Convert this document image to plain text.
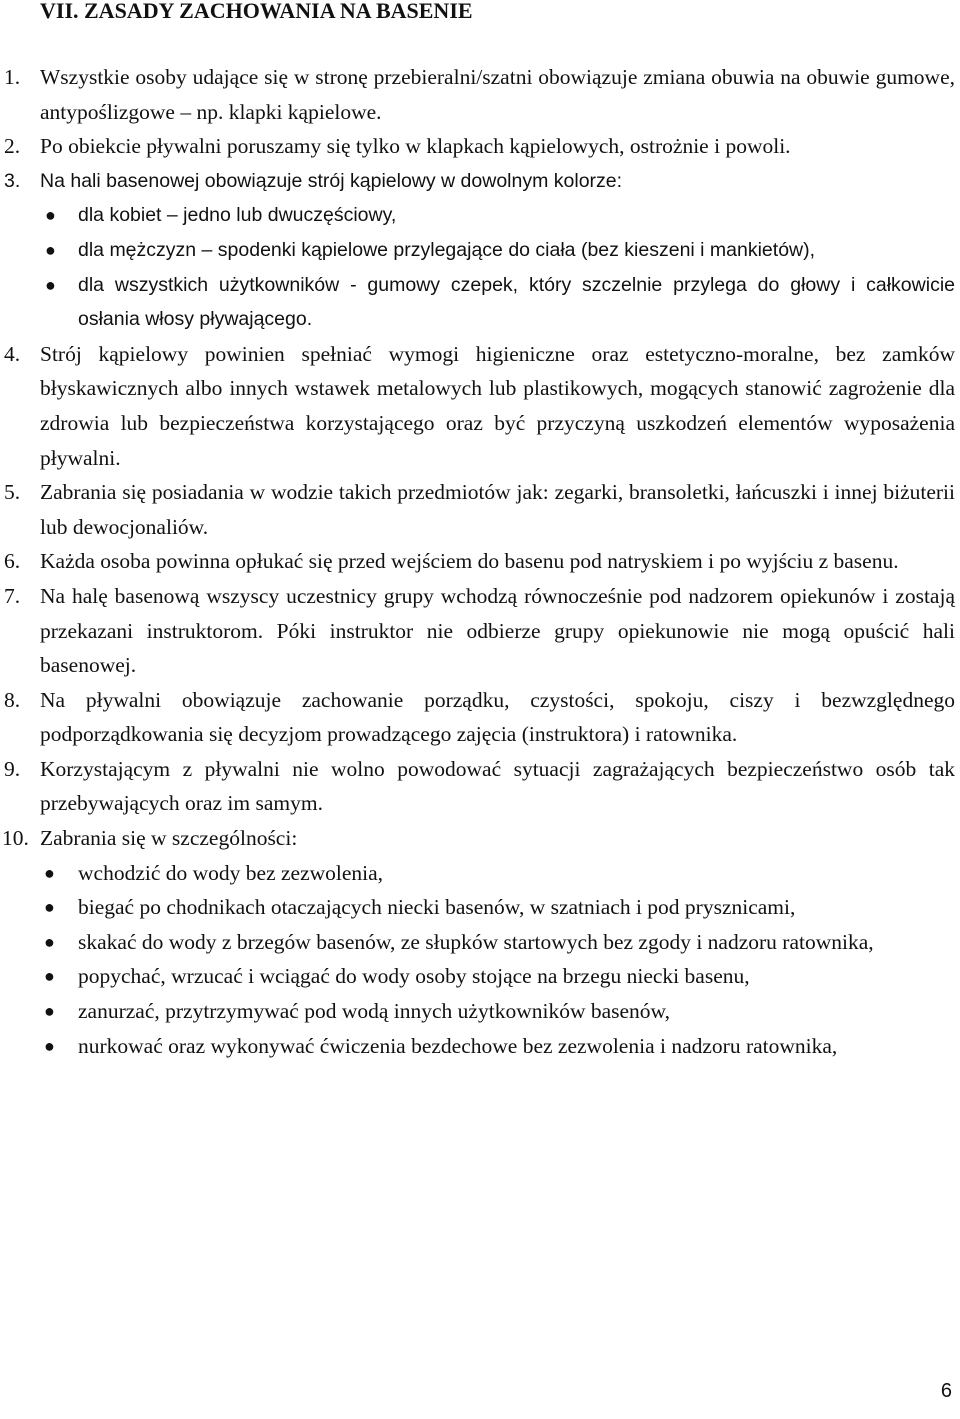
VII. ZASADY ZACHOWANIA NA BASENIE
1. Wszystkie osoby udające się w stronę przebieralni/szatni obowiązuje zmiana obuwia na obuwie gumowe, antypoślizgowe – np. klapki kąpielowe.
2. Po obiekcie pływalni poruszamy się tylko w klapkach kąpielowych, ostrożnie i powoli.
3. Na hali basenowej obowiązuje strój kąpielowy w dowolnym kolorze:
● dla kobiet – jedno lub dwuczęściowy,
● dla mężczyzn – spodenki kąpielowe przylegające do ciała (bez kieszeni i mankietów),
● dla wszystkich użytkowników - gumowy czepek, który szczelnie przylega do głowy i całkowicie osłania włosy pływającego.
4. Strój kąpielowy powinien spełniać wymogi higieniczne oraz estetyczno-moralne, bez zamków błyskawicznych albo innych wstawek metalowych lub plastikowych, mogących stanowić zagrożenie dla zdrowia lub bezpieczeństwa korzystającego oraz być przyczyną uszkodzeń elementów wyposażenia pływalni.
5. Zabrania się posiadania w wodzie takich przedmiotów jak: zegarki, bransoletki, łańcuszki i innej biżuterii lub dewocjonaliów.
6. Każda osoba powinna opłukać się przed wejściem do basenu pod natryskiem i po wyjściu z basenu.
7. Na halę basenową wszyscy uczestnicy grupy wchodzą równocześnie pod nadzorem opiekunów i zostają przekazani instruktorom. Póki instruktor nie odbierze grupy opiekunowie nie mogą opuścić hali basenowej.
8. Na pływalni obowiązuje zachowanie porządku, czystości, spokoju, ciszy i bezwzględnego podporządkowania się decyzjom prowadzącego zajęcia (instruktora) i ratownika.
9. Korzystającym z pływalni nie wolno powodować sytuacji zagrażających bezpieczeństwo osób tak przebywających oraz im samym.
10. Zabrania się w szczególności:
● wchodzić do wody bez zezwolenia,
● biegać po chodnikach otaczających niecki basenów, w szatniach i pod prysznicami,
● skakać do wody z brzegów basenów, ze słupków startowych bez zgody i nadzoru ratownika,
● popychać, wrzucać i wciągać do wody osoby stojące na brzegu niecki basenu,
● zanurzać, przytrzymywać pod wodą innych użytkowników basenów,
● nurkować oraz wykonywać ćwiczenia bezdechowe bez zezwolenia i nadzoru ratownika,
6
